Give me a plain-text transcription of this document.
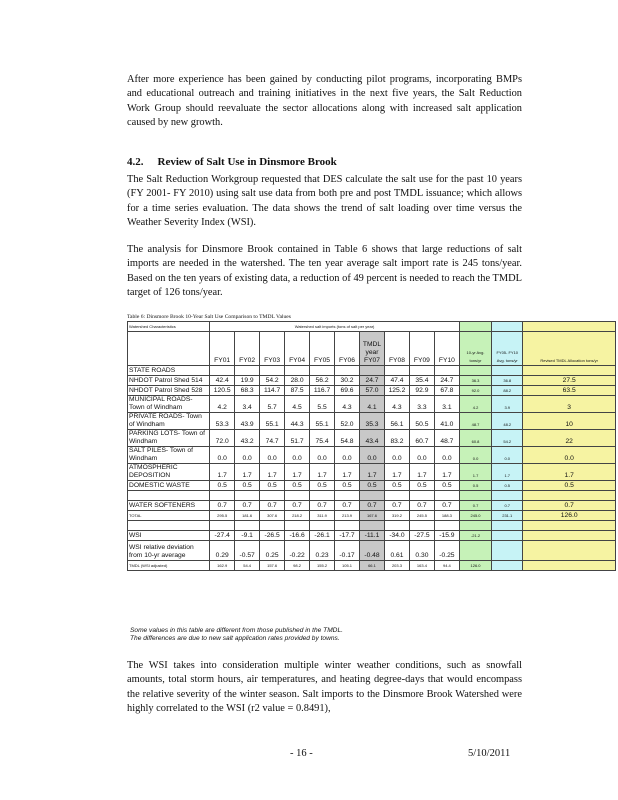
After more experience has been gained by conducting pilot programs, incorporating BMPs and educational outreach and training initiatives in the next five years, the Salt Reduction Work Group should reevaluate the sector allocations along with increased salt application caused by new growth.
4.2. Review of Salt Use in Dinsmore Brook
The Salt Reduction Workgroup requested that DES calculate the salt use for the past 10 years (FY 2001- FY 2010) using salt use data from both pre and post TMDL issuance; which allows for a time series evaluation. The data shows the trend of salt loading over time versus the Weather Severity Index (WSI).
The analysis for Dinsmore Brook contained in Table 6 shows that large reductions of salt imports are needed in the watershed. The ten year average salt import rate is 245 tons/year. Based on the ten years of existing data, a reduction of 49 percent is needed to reach the TMDL target of 126 tons/year.
Table 6: Dinsmore Brook 10-Year Salt Use Comparison to TMDL Values
Watershed Characteristics	Watershed salt imports (tons of salt per year)												
	FY01	FY02	FY03	FY04	FY05	FY06	TMDL year FY07	FY08	FY09	FY10	10-yr Avg. tons/yr	FY05- FY10 Avg. tons/yr	Revised TMDL Allocation tons/yr
STATE ROADS													
NHDOT Patrol Shed 514	42.4	19.9	54.2	28.0	56.2	30.2	24.7	47.4	35.4	24.7	36.3	36.8	27.5
NHDOT Patrol Shed 528	120.5	68.3	114.7	87.5	116.7	69.6	57.0	125.2	92.9	67.8	92.0	88.2	63.5
MUNICIPAL ROADS- Town of Windham	4.2	3.4	5.7	4.5	5.5	4.3	4.1	4.3	3.3	3.1	4.2	3.9	3
PRIVATE ROADS- Town of Windham	53.3	43.9	55.1	44.3	55.1	52.0	35.3	56.1	50.5	41.0	48.7	48.2	10
PARKING LOTS- Town of Windham	72.0	43.2	74.7	51.7	75.4	54.8	43.4	83.2	60.7	48.7	60.8	54.2	22
SALT PILES- Town of Windham	0.0	0.0	0.0	0.0	0.0	0.0	0.0	0.0	0.0	0.0	0.0	0.0	0.0
ATMOSPHERIC DEPOSITION	1.7	1.7	1.7	1.7	1.7	1.7	1.7	1.7	1.7	1.7	1.7	1.7	1.7
DOMESTIC WASTE	0.5	0.5	0.5	0.5	0.5	0.5	0.5	0.5	0.5	0.5	0.5	0.5	0.5

WATER SOFTENERS	0.7	0.7	0.7	0.7	0.7	0.7	0.7	0.7	0.7	0.7	0.7	0.7	0.7
TOTAL	295.5	181.6	307.6	218.2	311.9	213.9	167.6	319.2	245.5	188.3	245.0	231.1	126.0

WSI	-27.4	-9.1	-26.5	-16.6	-26.1	-17.7	-11.1	-34.0	-27.5	-15.9	-21.2		
WSI relative deviation from 10-yr average	0.29	-0.57	0.25	-0.22	0.23	-0.17	-0.48	0.61	0.30	-0.25			
TMDL (WSI adjusted)	162.9	54.4	157.6	98.2	155.2	105.1	66.1	203.3	163.4	94.4	126.0		
Some values in this table are different from those published in the TMDL.
The differences are due to new salt application rates provided by towns.
The WSI takes into consideration multiple winter weather conditions, such as snowfall amounts, total storm hours, air temperatures, and heating degree-days that would encompass the relative severity of the winter season. Salt imports to the Dinsmore Brook Watershed were highly correlated to the WSI (r2 value = 0.8491),
- 16 -	5/10/2011
